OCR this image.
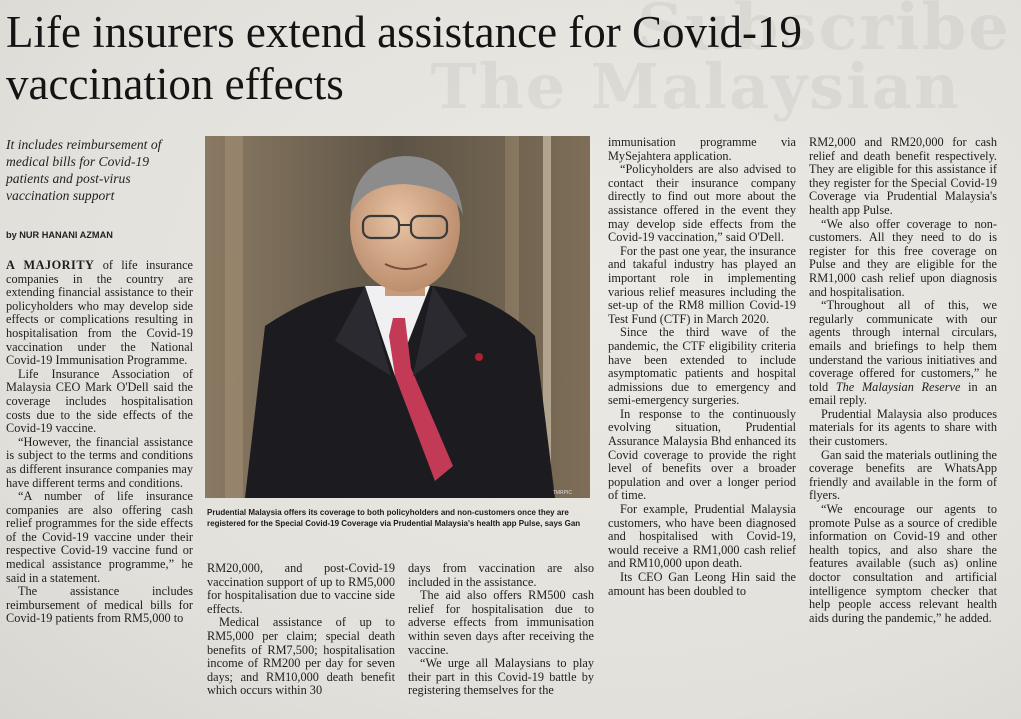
Subscribe
The Malaysian
Life insurers extend assistance for Covid-19
vaccination effects
It includes reimbursement of medical bills for Covid-19 patients and post-virus vaccination support
by NUR HANANI AZMAN

A MAJORITY of life insurance companies in the country are extending financial assistance to their policyholders who may develop side effects or complications resulting in hospitalisation from the Covid-19 vaccination under the National Covid-19 Immunisation Programme.

Life Insurance Association of Malaysia CEO Mark O'Dell said the coverage includes hospitalisation costs due to the side effects of the Covid-19 vaccine.

“However, the financial assistance is subject to the terms and conditions as different insurance companies may have different terms and conditions.

“A number of life insurance companies are also offering cash relief programmes for the side effects of the Covid-19 vaccine under their respective Covid-19 vaccine fund or medical assistance programme,” he said in a statement.

The assistance includes reimbursement of medical bills for Covid-19 patients from RM5,000 to

TMRPIC
Prudential Malaysia offers its coverage to both policyholders and non-customers once they are registered for the Special Covid-19 Coverage via Prudential Malaysia's health app Pulse, says Gan

RM20,000, and post-Covid-19 vaccination support of up to RM5,000 for hospitalisation due to vaccine side effects.

Medical assistance of up to RM5,000 per claim; special death benefits of RM7,500; hospitalisation income of RM200 per day for seven days; and RM10,000 death benefit which occurs within 30

days from vaccination are also included in the assistance.

The aid also offers RM500 cash relief for hospitalisation due to adverse effects from immunisation within seven days after receiving the vaccine.

“We urge all Malaysians to play their part in this Covid-19 battle by registering themselves for the

immunisation programme via MySejahtera application.

“Policyholders are also advised to contact their insurance company directly to find out more about the assistance offered in the event they may develop side effects from the Covid-19 vaccination,” said O'Dell.

For the past one year, the insurance and takaful industry has played an important role in implementing various relief measures including the set-up of the RM8 million Covid-19 Test Fund (CTF) in March 2020.

Since the third wave of the pandemic, the CTF eligibility criteria have been extended to include asymptomatic patients and hospital admissions due to emergency and semi-emergency surgeries.

In response to the continuously evolving situation, Prudential Assurance Malaysia Bhd enhanced its Covid coverage to provide the right level of benefits over a broader population and over a longer period of time.

For example, Prudential Malaysia customers, who have been diagnosed and hospitalised with Covid-19, would receive a RM1,000 cash relief and RM10,000 upon death.

Its CEO Gan Leong Hin said the amount has been doubled to

RM2,000 and RM20,000 for cash relief and death benefit respectively. They are eligible for this assistance if they register for the Special Covid-19 Coverage via Prudential Malaysia's health app Pulse.

“We also offer coverage to non-customers. All they need to do is register for this free coverage on Pulse and they are eligible for the RM1,000 cash relief upon diagnosis and hospitalisation.

“Throughout all of this, we regularly communicate with our agents through internal circulars, emails and briefings to help them understand the various initiatives and coverage offered for customers,” he told The Malaysian Reserve in an email reply.

Prudential Malaysia also produces materials for its agents to share with their customers.

Gan said the materials outlining the coverage benefits are WhatsApp friendly and available in the form of flyers.

“We encourage our agents to promote Pulse as a source of credible information on Covid-19 and other health topics, and also share the features available (such as) online doctor consultation and artificial intelligence symptom checker that help people access relevant health aids during the pandemic,” he added.
